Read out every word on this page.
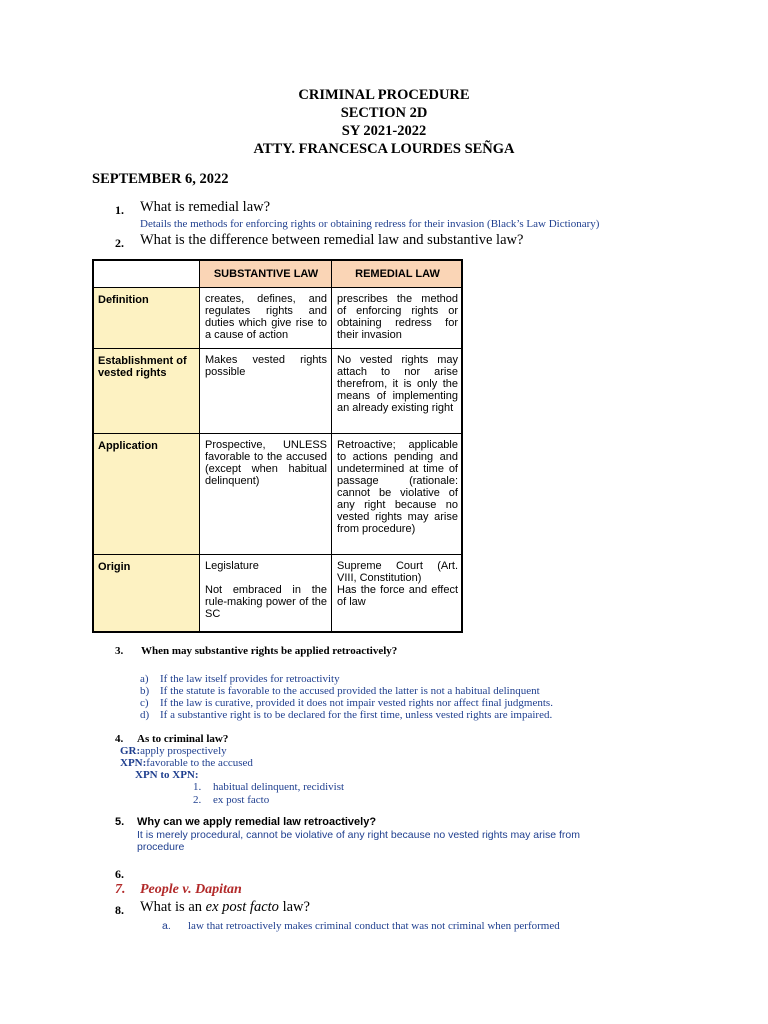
CRIMINAL PROCEDURE
SECTION 2D
SY 2021-2022
ATTY. FRANCESCA LOURDES SEÑGA
SEPTEMBER 6, 2022
1. What is remedial law?
Details the methods for enforcing rights or obtaining redress for their invasion (Black’s Law Dictionary)
2. What is the difference between remedial law and substantive law?
SUBSTANTIVE LAW	REMEDIAL LAW
Definition
Establishment of vested rights
Application
Origin

creates, defines, and regulates rights and duties which give rise to a cause of action

prescribes the method of enforcing rights or obtaining redress for their invasion

Makes vested rights possible

No vested rights may attach to nor arise therefrom, it is only the means of implementing an already existing right

Prospective, UNLESS favorable to the accused (except when habitual delinquent)

Retroactive; applicable to actions pending and undetermined at time of passage (rationale: cannot be violative of any right because no vested rights may arise from procedure)

Legislature

Not embraced in the rule-making power of the SC

Supreme Court (Art. VIII, Constitution)

Has the force and effect of law

3. When may substantive rights be applied retroactively?
a) If the law itself provides for retroactivity
b) If the statute is favorable to the accused provided the latter is not a habitual delinquent
c) If the law is curative, provided it does not impair vested rights nor affect final judgments.
d) If a substantive right is to be declared for the first time, unless vested rights are impaired.
4. As to criminal law?
GR:apply prospectively
XPN:favorable to the accused
XPN to XPN:
1. habitual delinquent, recidivist
2. ex post facto
5. Why can we apply remedial law retroactively?
It is merely procedural, cannot be violative of any right because no vested rights may arise from
procedure
6.
7. People v. Dapitan
8. What is an ex post facto law?
a. law that retroactively makes criminal conduct that was not criminal when performed
